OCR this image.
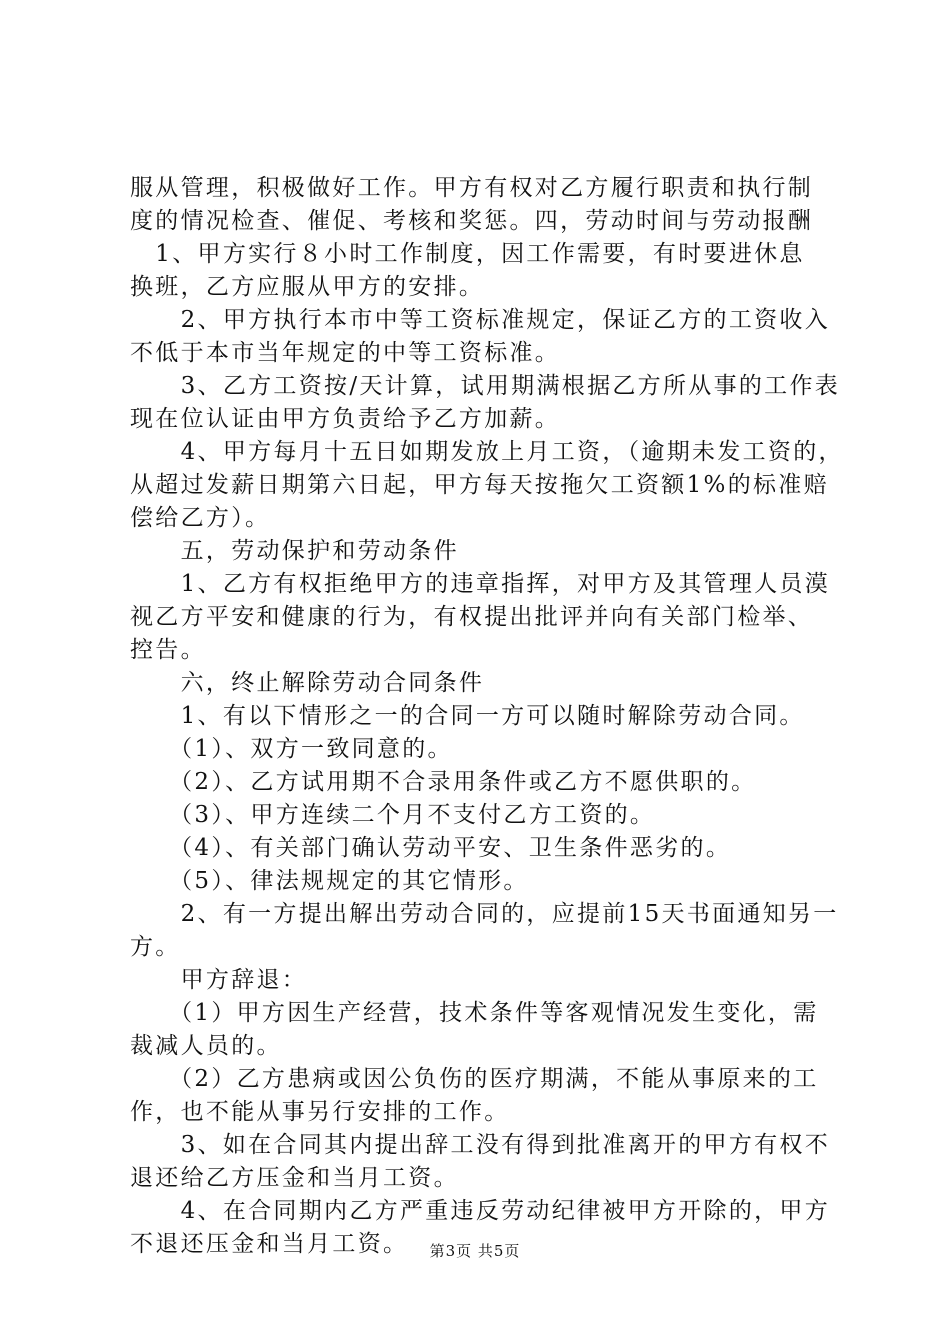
服从管理，积极做好工作。甲方有权对乙方履行职责和执行制

度的情况检查、催促、考核和奖惩。四，劳动时间与劳动报酬

　1、甲方实行８小时工作制度，因工作需要，有时要进休息

换班，乙方应服从甲方的安排。

　　2、甲方执行本市中等工资标准规定，保证乙方的工资收入

不低于本市当年规定的中等工资标准。

　　3、乙方工资按/天计算，试用期满根据乙方所从事的工作表

现在位认证由甲方负责给予乙方加薪。

　　4、甲方每月十五日如期发放上月工资，（逾期未发工资的，

从超过发薪日期第六日起，甲方每天按拖欠工资额1%的标准赔

偿给乙方）。

　　五，劳动保护和劳动条件

　　1、乙方有权拒绝甲方的违章指挥，对甲方及其管理人员漠

视乙方平安和健康的行为，有权提出批评并向有关部门检举、

控告。

　　六，终止解除劳动合同条件

　　1、有以下情形之一的合同一方可以随时解除劳动合同。

　　（1）、双方一致同意的。

　　（2）、乙方试用期不合录用条件或乙方不愿供职的。

　　（3）、甲方连续二个月不支付乙方工资的。

　　（4）、有关部门确认劳动平安、卫生条件恶劣的。

　　（5）、律法规规定的其它情形。

　　2、有一方提出解出劳动合同的，应提前15天书面通知另一

方。

　　甲方辞退：

　　（1）甲方因生产经营，技术条件等客观情况发生变化，需

裁减人员的。

　　（2）乙方患病或因公负伤的医疗期满，不能从事原来的工

作，也不能从事另行安排的工作。

　　3、如在合同其内提出辞工没有得到批准离开的甲方有权不

退还给乙方压金和当月工资。

　　4、在合同期内乙方严重违反劳动纪律被甲方开除的，甲方

不退还压金和当月工资。	第3页 共5页
